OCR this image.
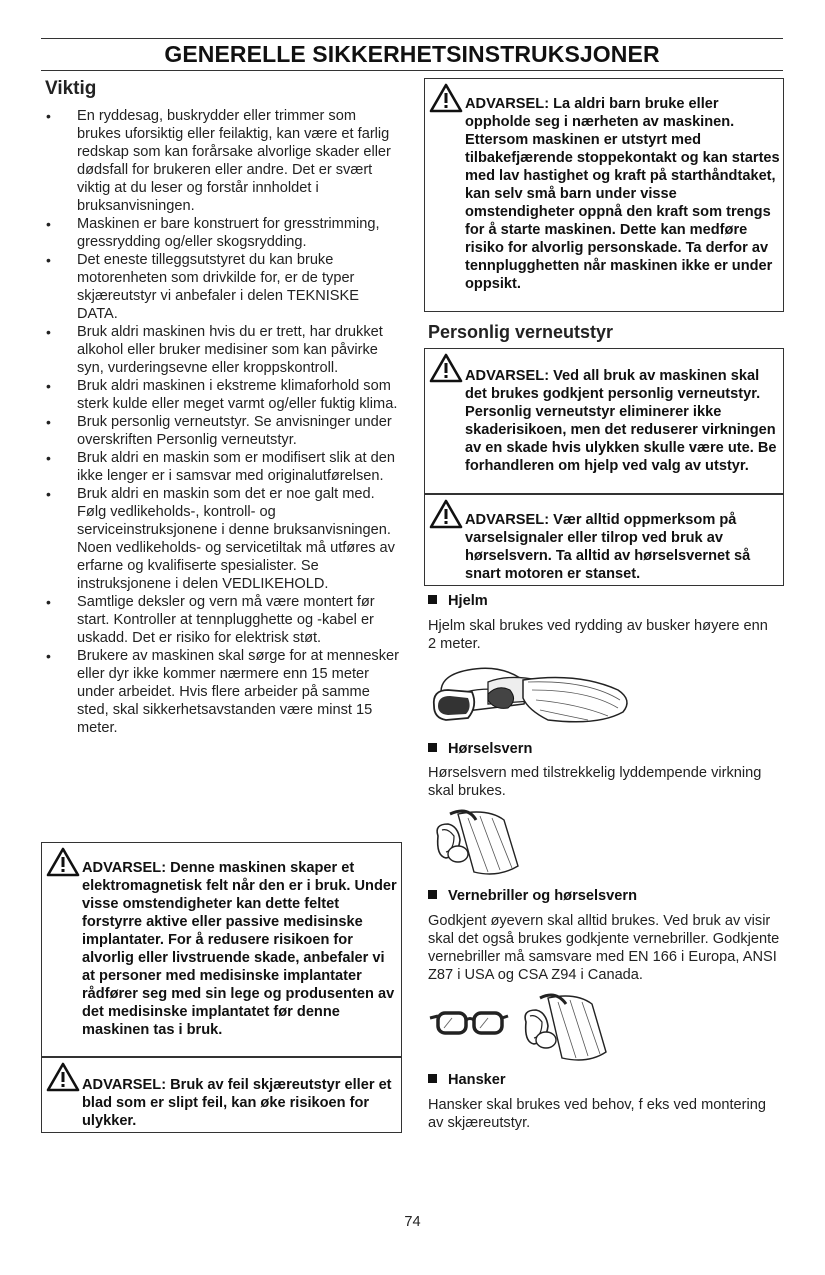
GENERELLE SIKKERHETSINSTRUKSJONER
Viktig
• En ryddesag, buskrydder eller trimmer som brukes uforsiktig eller feilaktig, kan være et farlig redskap som kan forårsake alvorlige skader eller dødsfall for brukeren eller andre. Det er svært viktig at du leser og forstår innholdet i bruksanvisningen.
• Maskinen er bare konstruert for gresstrimming, gressrydding og/eller skogsrydding.
• Det eneste tilleggsutstyret du kan bruke motorenheten som drivkilde for, er de typer skjæreutstyr vi anbefaler i delen TEKNISKE DATA.
• Bruk aldri maskinen hvis du er trett, har drukket alkohol eller bruker medisiner som kan påvirke syn, vurderingsevne eller kroppskontroll.
• Bruk aldri maskinen i ekstreme klimaforhold som sterk kulde eller meget varmt og/eller fuktig klima.
• Bruk personlig verneutstyr. Se anvisninger under overskriften Personlig verneutstyr.
• Bruk aldri en maskin som er modifisert slik at den ikke lenger er i samsvar med originalutførelsen.
• Bruk aldri en maskin som det er noe galt med. Følg vedlikeholds-, kontroll- og serviceinstruksjonene i denne bruksanvisningen. Noen vedlikeholds- og servicetiltak må utføres av erfarne og kvalifiserte spesialister. Se instruksjonene i delen VEDLIKEHOLD.
• Samtlige deksler og vern må være montert før start. Kontroller at tennplugghette og -kabel er uskadd. Det er risiko for elektrisk støt.
• Brukere av maskinen skal sørge for at mennesker eller dyr ikke kommer nærmere enn 15 meter under arbeidet. Hvis flere arbeider på samme sted, skal sikkerhetsavstanden være minst 15 meter.
ADVARSEL: Denne maskinen skaper et elektromagnetisk felt når den er i bruk. Under visse omstendigheter kan dette feltet forstyrre aktive eller passive medisinske implantater. For å redusere risikoen for alvorlig eller livstruende skade, anbefaler vi at personer med medisinske implantater rådfører seg med sin lege og produsenten av det medisinske implantatet før denne maskinen tas i bruk.
ADVARSEL: Bruk av feil skjæreutstyr eller et blad som er slipt feil, kan øke risikoen for ulykker.
ADVARSEL: La aldri barn bruke eller oppholde seg i nærheten av maskinen. Ettersom maskinen er utstyrt med tilbakefjærende stoppekontakt og kan startes med lav hastighet og kraft på starthåndtaket, kan selv små barn under visse omstendigheter oppnå den kraft som trengs for å starte maskinen. Dette kan medføre risiko for alvorlig personskade. Ta derfor av tennplugghetten når maskinen ikke er under oppsikt.
Personlig verneutstyr
ADVARSEL: Ved all bruk av maskinen skal det brukes godkjent personlig verneutstyr. Personlig verneutstyr eliminerer ikke skaderisikoen, men det reduserer virkningen av en skade hvis ulykken skulle være ute. Be forhandleren om hjelp ved valg av utstyr.
ADVARSEL: Vær alltid oppmerksom på varselsignaler eller tilrop ved bruk av hørselsvern. Ta alltid av hørselsvernet så snart motoren er stanset.
Hjelm
Hjelm skal brukes ved rydding av busker høyere enn 2 meter.
Hørselsvern
Hørselsvern med tilstrekkelig lyddempende virkning skal brukes.
Vernebriller og hørselsvern
Godkjent øyevern skal alltid brukes. Ved bruk av visir skal det også brukes godkjente vernebriller. Godkjente vernebriller må samsvare med EN 166 i Europa, ANSI Z87 i USA og CSA Z94 i Canada.
Hansker
Hansker skal brukes ved behov, f eks ved montering av skjæreutstyr.
74
